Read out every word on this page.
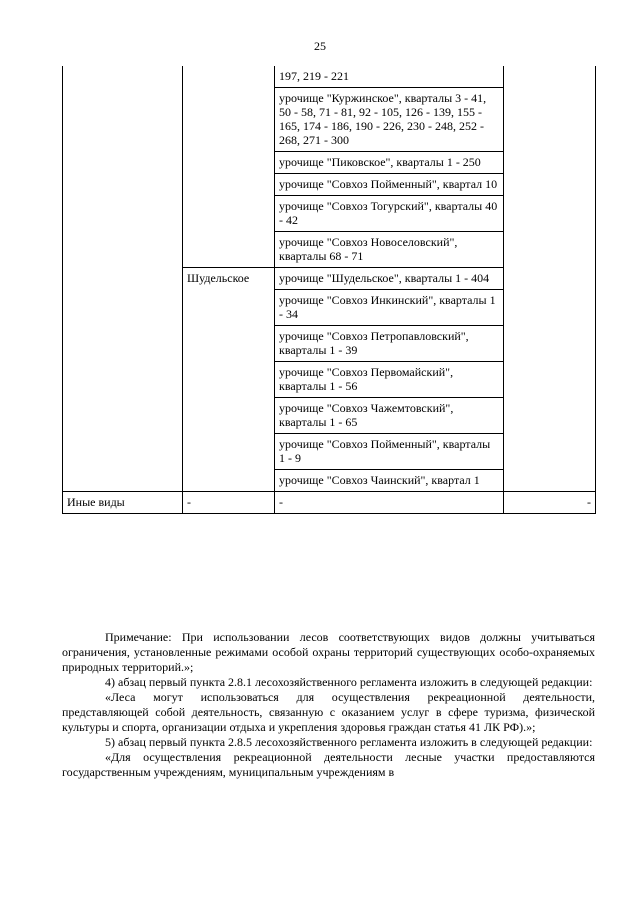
25
		197, 219 - 221	
		урочище "Куржинское", кварталы 3 - 41, 50 - 58, 71 - 81, 92 - 105, 126 - 139, 155 - 165, 174 - 186, 190 - 226, 230 - 248, 252 - 268, 271 - 300	
		урочище "Пиковское", кварталы 1 - 250	
		урочище "Совхоз Пойменный", квартал 10	
		урочище "Совхоз Тогурский", кварталы 40 - 42	
		урочище "Совхоз Новоселовский", кварталы 68 - 71	
	Шудельское	урочище "Шудельское", кварталы 1 - 404	
		урочище "Совхоз Инкинский", кварталы 1 - 34	
		урочище "Совхоз Петропавловский", кварталы 1 - 39	
		урочище "Совхоз Первомайский", кварталы 1 - 56	
		урочище "Совхоз Чажемтовский", кварталы 1 - 65	
		урочище "Совхоз Пойменный", кварталы 1 - 9	
		урочище "Совхоз Чаинский", квартал 1	
Иные виды	-	-	-

Примечание: При использовании лесов соответствующих видов должны учитываться ограничения, установленные режимами особой охраны территорий существующих особо-охраняемых природных территорий.»;

4) абзац первый пункта 2.8.1 лесохозяйственного регламента изложить в следующей редакции:

«Леса могут использоваться для осуществления рекреационной деятельности, представляющей собой деятельность, связанную с оказанием услуг в сфере туризма, физической культуры и спорта, организации отдыха и укрепления здоровья граждан статья 41 ЛК РФ).»;

5) абзац первый пункта 2.8.5 лесохозяйственного регламента изложить в следующей редакции:

«Для осуществления рекреационной деятельности лесные участки предоставляются государственным учреждениям, муниципальным учреждениям в
